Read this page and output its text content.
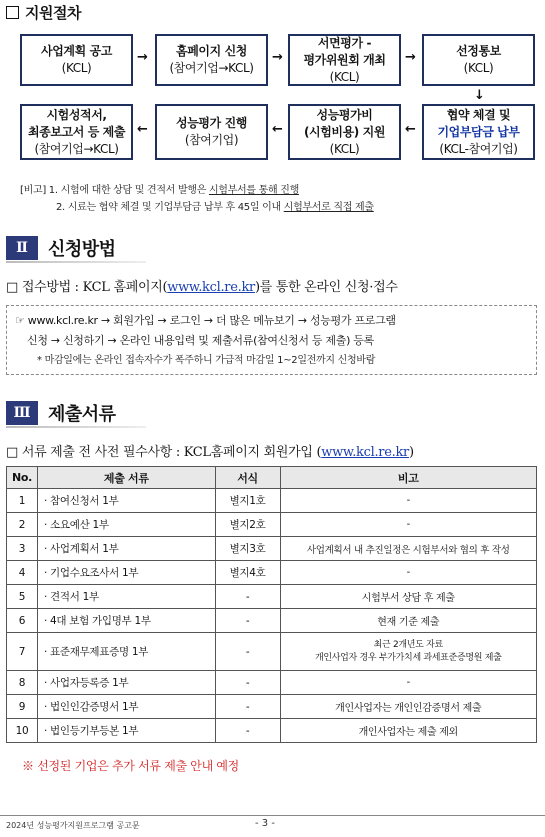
지원절차
사업계획 공고
(KCL)
→ 홈페이지 신청
(참여기업→KCL)
→
서면평가 -
평가위원회 개최
(KCL)
→	선정통보
(KCL)
↓
시험성적서,
최종보고서 등 제출
(참여기업→KCL)
← 성능평가 진행
(참여기업)
←
성능평가비
(시험비용) 지원
(KCL)
←
협약 체결 및
기업부담금 납부
(KCL-참여기업)
[비고] 1. 시험에 대한 상담 및 견적서 발행은 시험부서를 통해 진행
2. 시료는 협약 체결 및 기업부담금 납부 후 45일 이내 시험부서로 직접 제출
Ⅱ	신청방법
□ 접수방법 : KCL 홈페이지(www.kcl.re.kr)를 통한 온라인 신청·접수
☞ www.kcl.re.kr → 회원가입 → 로그인 → 더 많은 메뉴보기 → 성능평가 프로그램
신청 → 신청하기 → 온라인 내용입력 및 제출서류(참여신청서 등 제출) 등록
* 마감일에는 온라인 접속자수가 폭주하니 가급적 마감일 1~2일전까지 신청바람
Ⅲ 제출서류
□ 서류 제출 전 사전 필수사항 : KCL홈페이지 회원가입 (www.kcl.re.kr)
No.	제출 서류	서식	비고
1	· 참여신청서 1부	별지1호	-
2	· 소요예산 1부	별지2호	-
3	· 사업계획서 1부	별지3호	사업계획서 내 추진일정은 시험부서와 협의 후 작성
4	· 기업수요조사서 1부	별지4호	-
5	· 견적서 1부	-	시험부서 상담 후 제출
6	· 4대 보험 가입명부 1부	-	현재 기준 제출
7	· 표준재무제표증명 1부	-	최근 2개년도 자료
개인사업자 경우 부가가치세 과세표준증명원 제출

8	· 사업자등록증 1부	-	-
9	· 법인인감증명서 1부	-	개인사업자는 개인인감증명서 제출
10	· 법인등기부등본 1부	-	개인사업자는 제출 제외
※ 선정된 기업은 추가 서류 제출 안내 예정
2024년 성능평가지원프로그램 공고문	- 3 -
